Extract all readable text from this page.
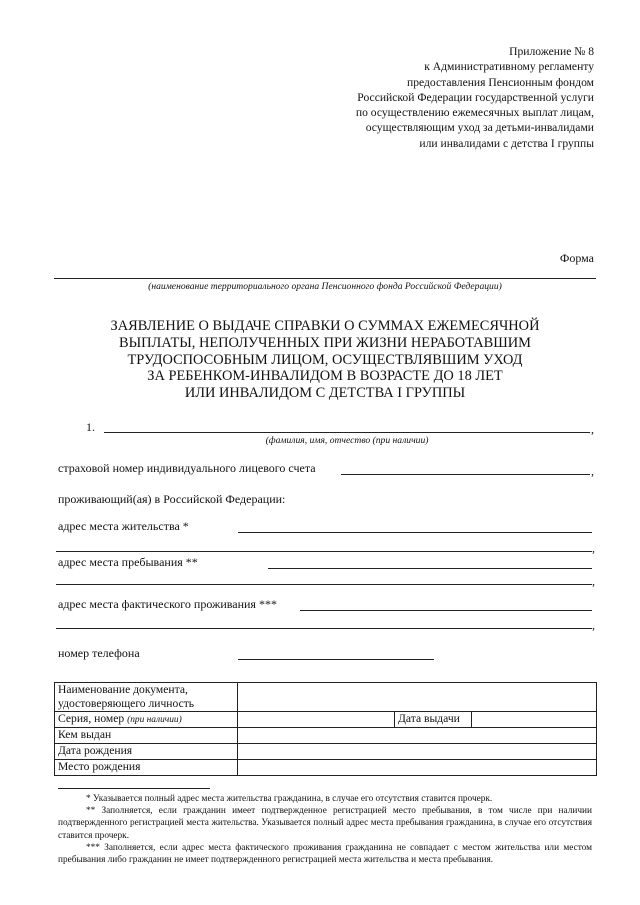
Приложение № 8
к Административному регламенту
предоставления Пенсионным фондом
Российской Федерации государственной услуги
по осуществлению ежемесячных выплат лицам,
осуществляющим уход за детьми-инвалидами
или инвалидами с детства I группы
Форма
(наименование территориального органа Пенсионного фонда Российской Федерации)
ЗАЯВЛЕНИЕ О ВЫДАЧЕ СПРАВКИ О СУММАХ ЕЖЕМЕСЯЧНОЙ
ВЫПЛАТЫ, НЕПОЛУЧЕННЫХ ПРИ ЖИЗНИ НЕРАБОТАВШИМ
ТРУДОСПОСОБНЫМ ЛИЦОМ, ОСУЩЕСТВЛЯВШИМ УХОД
ЗА РЕБЕНКОМ-ИНВАЛИДОМ В ВОЗРАСТЕ ДО 18 ЛЕТ
ИЛИ ИНВАЛИДОМ С ДЕТСТВА I ГРУППЫ
1.	,
(фамилия, имя, отчество (при наличии)
страховой номер индивидуального лицевого счета	,
проживающий(ая) в Российской Федерации:
адрес места жительства *
,
адрес места пребывания **
,
адрес места фактического проживания ***
,
номер телефона
Наименование документа,
удостоверяющего личность			

Серия, номер (при наличии)		Дата выдачи	
Кем выдан			
Дата рождения			
Место рождения			
* Указывается полный адрес места жительства гражданина, в случае его отсутствия ставится прочерк.
** Заполняется, если гражданин имеет подтвержденное регистрацией место пребывания, в том числе при наличии подтвержденного регистрацией места жительства. Указывается полный адрес места пребывания гражданина, в случае его отсутствия ставится прочерк.
*** Заполняется, если адрес места фактического проживания гражданина не совпадает с местом жительства или местом пребывания либо гражданин не имеет подтвержденного регистрацией места жительства и места пребывания.
